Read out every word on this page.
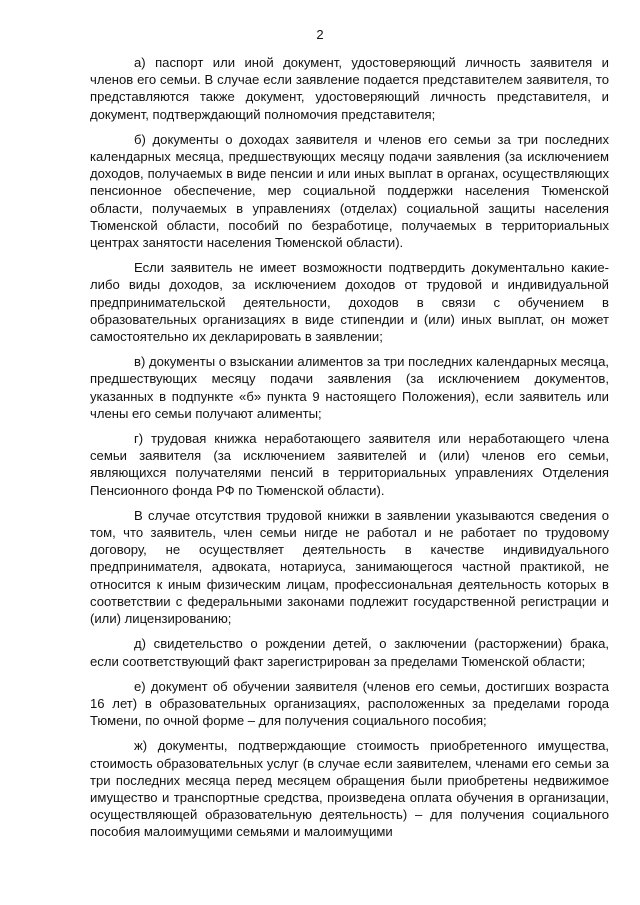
2

а) паспорт или иной документ, удостоверяющий личность заявителя и членов его семьи. В случае если заявление подается представителем заявителя, то представляются также документ, удостоверяющий личность представителя, и документ, подтверждающий полномочия представителя;

б) документы о доходах заявителя и членов его семьи за три последних календарных месяца, предшествующих месяцу подачи заявления (за исключением доходов, получаемых в виде пенсии и или иных выплат в органах, осуществляющих пенсионное обеспечение, мер социальной поддержки населения Тюменской области, получаемых в управлениях (отделах) социальной защиты населения Тюменской области, пособий по безработице, получаемых в территориальных центрах занятости населения Тюменской области).

Если заявитель не имеет возможности подтвердить документально какие-либо виды доходов, за исключением доходов от трудовой и индивидуальной предпринимательской деятельности, доходов в связи с обучением в образовательных организациях в виде стипендии и (или) иных выплат, он может самостоятельно их декларировать в заявлении;

в) документы о взыскании алиментов за три последних календарных месяца, предшествующих месяцу подачи заявления (за исключением документов, указанных в подпункте «б» пункта 9 настоящего Положения), если заявитель или члены его семьи получают алименты;

г) трудовая книжка неработающего заявителя или неработающего члена семьи заявителя (за исключением заявителей и (или) членов его семьи, являющихся получателями пенсий в территориальных управлениях Отделения Пенсионного фонда РФ по Тюменской области).

В случае отсутствия трудовой книжки в заявлении указываются сведения о том, что заявитель, член семьи нигде не работал и не работает по трудовому договору, не осуществляет деятельность в качестве индивидуального предпринимателя, адвоката, нотариуса, занимающегося частной практикой, не относится к иным физическим лицам, профессиональная деятельность которых в соответствии с федеральными законами подлежит государственной регистрации и (или) лицензированию;

д) свидетельство о рождении детей, о заключении (расторжении) брака, если соответствующий факт зарегистрирован за пределами Тюменской области;

е) документ об обучении заявителя (членов его семьи, достигших возраста 16 лет) в образовательных организациях, расположенных за пределами города Тюмени, по очной форме – для получения социального пособия;

ж) документы, подтверждающие стоимость приобретенного имущества, стоимость образовательных услуг (в случае если заявителем, членами его семьи за три последних месяца перед месяцем обращения были приобретены недвижимое имущество и транспортные средства, произведена оплата обучения в организации, осуществляющей образовательную деятельность) – для получения социального пособия малоимущими семьями и малоимущими
